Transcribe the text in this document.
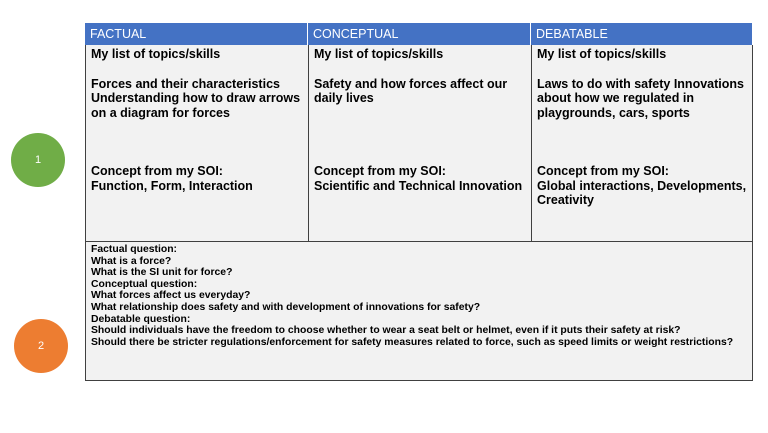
FACTUAL	CONCEPTUAL	DEBATABLE
My list of topics/skills
Forces and their characteristics Understanding how to draw arrows on a diagram for forces
Concept from my SOI:
Function, Form, Interaction
My list of topics/skills
Safety and how forces affect our daily lives
Concept from my SOI:
Scientific and Technical Innovation
My list of topics/skills
Laws to do with safety Innovations about how we regulated in playgrounds, cars, sports
Concept from my SOI:
Global interactions, Developments, Creativity
Factual question:
What is a force?
What is the SI unit for force?
Conceptual question:
What forces affect us everyday?
What relationship does safety and with development of innovations for safety?
Debatable question:
Should individuals have the freedom to choose whether to wear a seat belt or helmet, even if it puts their safety at risk?
Should there be stricter regulations/enforcement for safety measures related to force, such as speed limits or weight restrictions?
1
2
